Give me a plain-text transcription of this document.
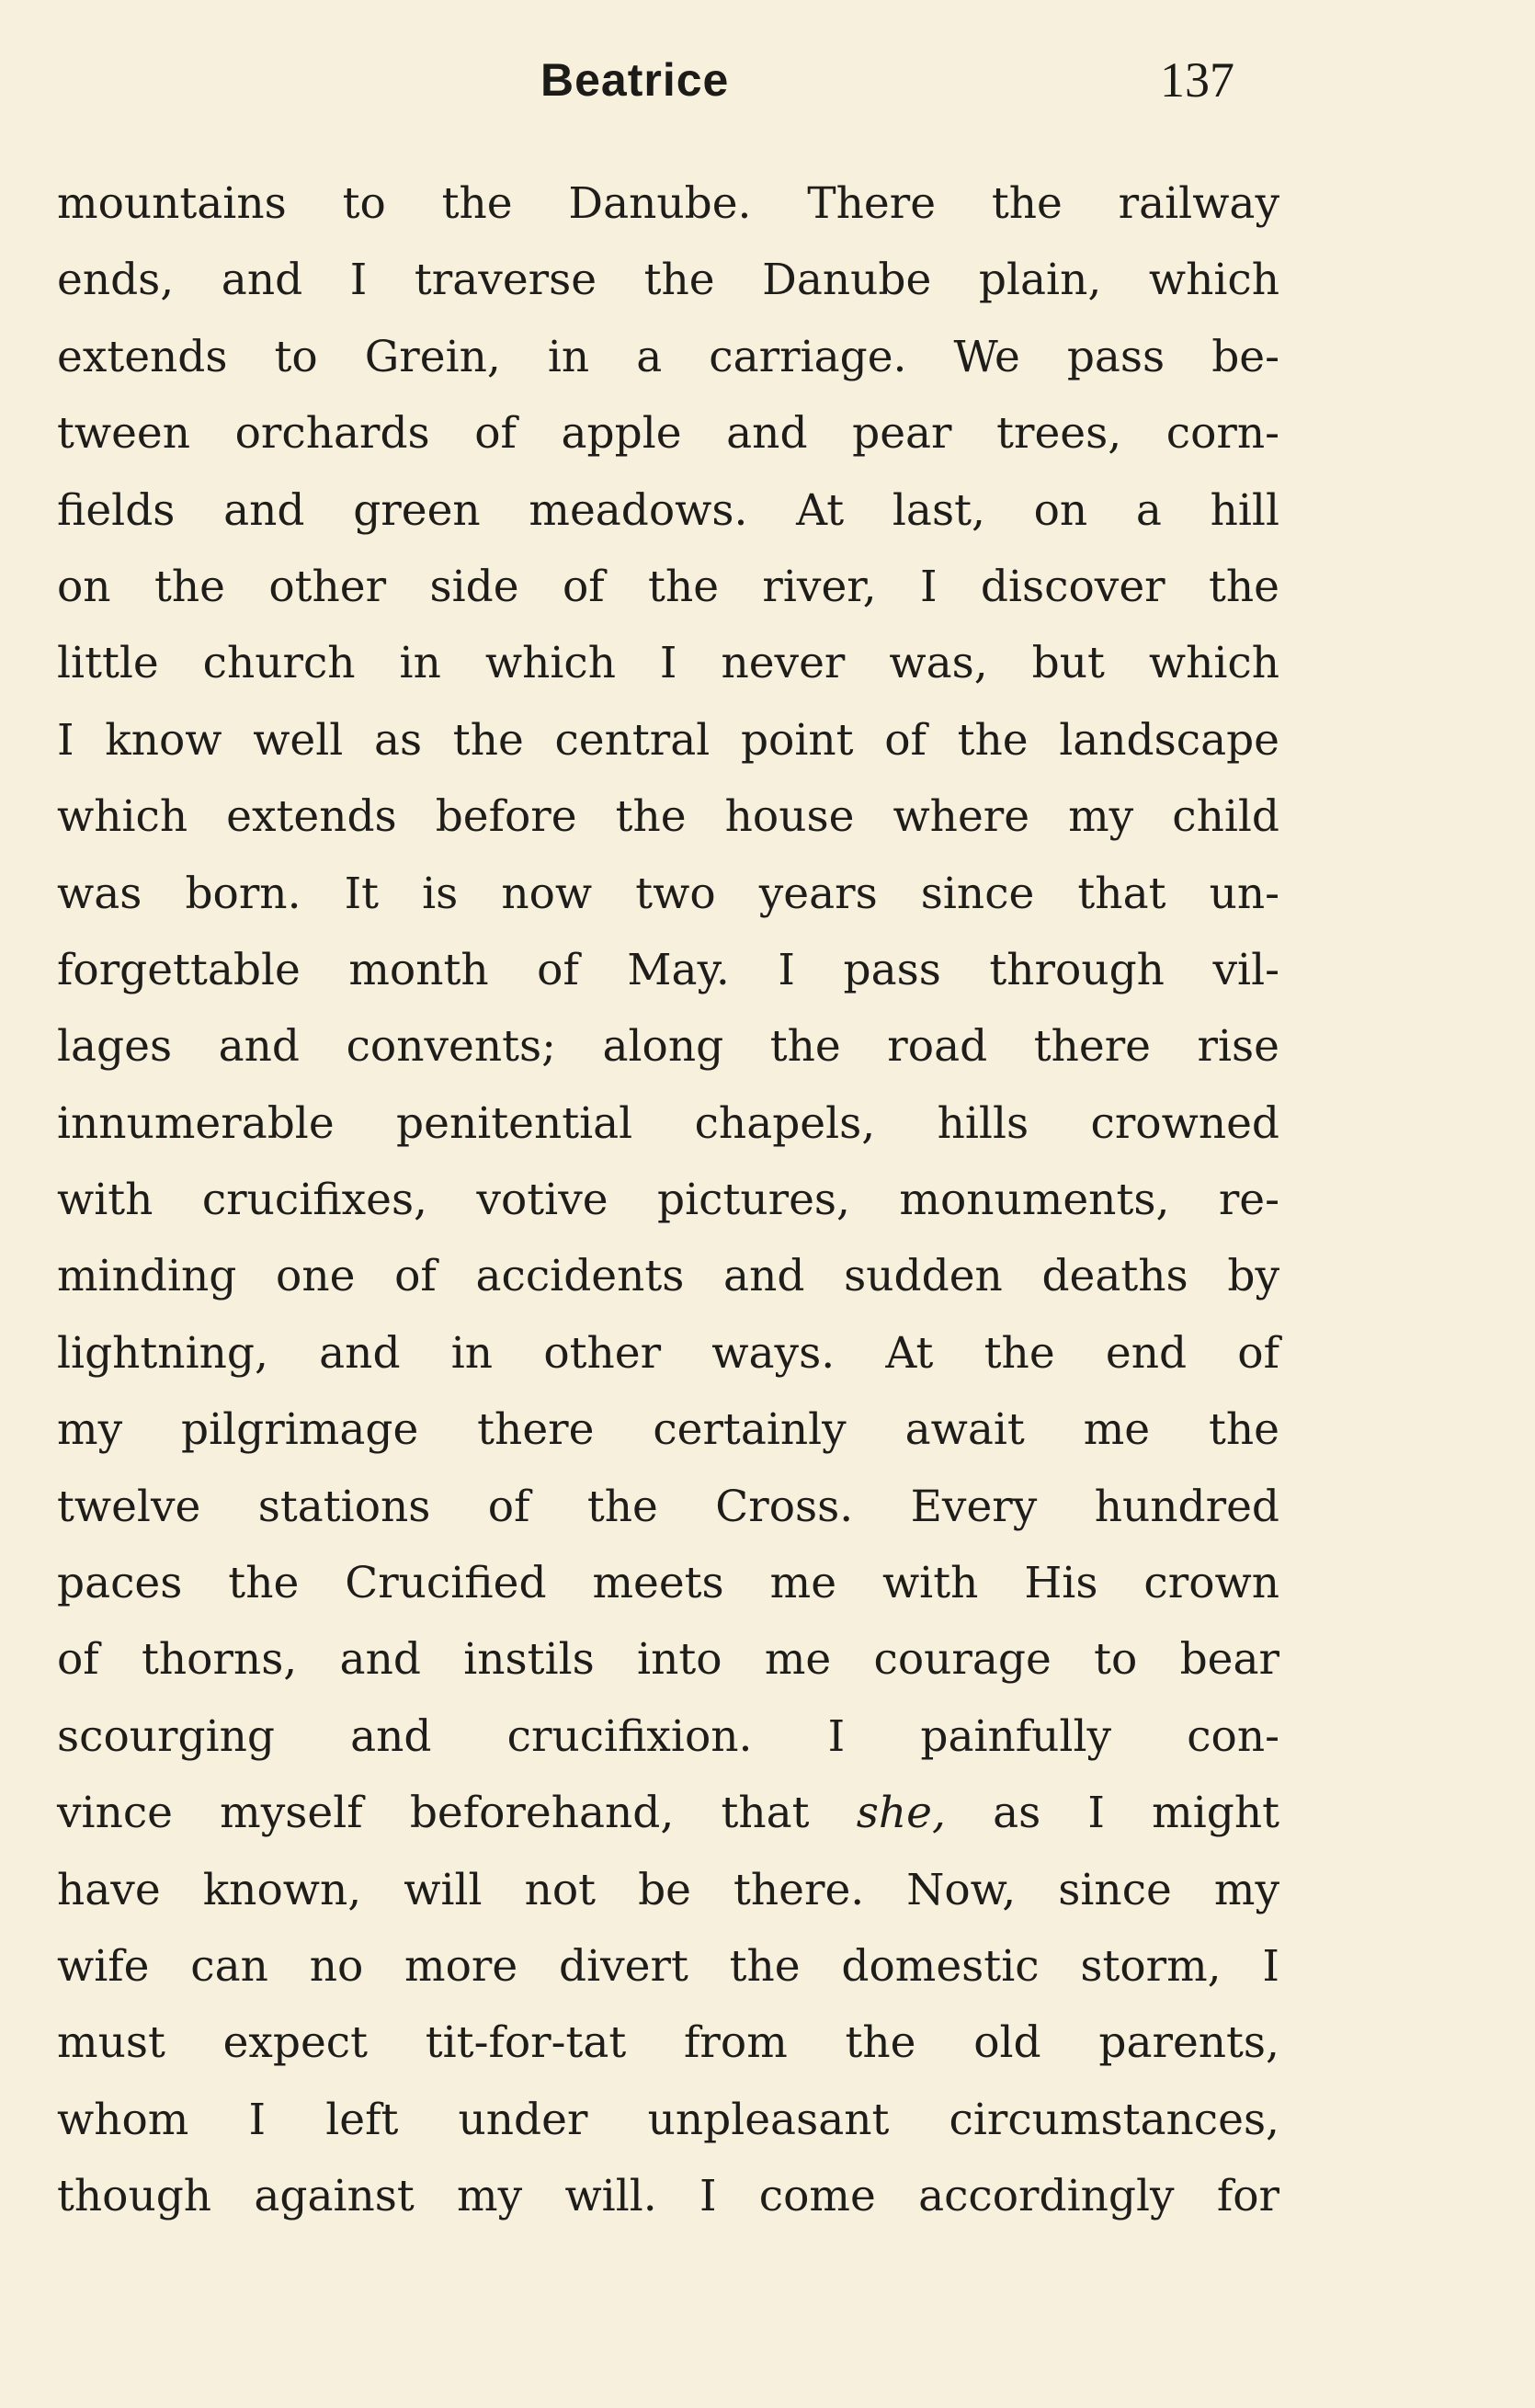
Beatrice	137
mountains to the Danube. There the railway
ends, and I traverse the Danube plain, which
extends to Grein, in a carriage. We pass be-
tween orchards of apple and pear trees, corn-
fields and green meadows. At last, on a hill
on the other side of the river, I discover the
little church in which I never was, but which
I know well as the central point of the landscape
which extends before the house where my child
was born. It is now two years since that un-
forgettable month of May. I pass through vil-
lages and convents; along the road there rise
innumerable penitential chapels, hills crowned
with crucifixes, votive pictures, monuments, re-
minding one of accidents and sudden deaths by
lightning, and in other ways. At the end of
my pilgrimage there certainly await me the
twelve stations of the Cross. Every hundred
paces the Crucified meets me with His crown
of thorns, and instils into me courage to bear
scourging and crucifixion. I painfully con-
vince myself beforehand, that she, as I might
have known, will not be there. Now, since my
wife can no more divert the domestic storm, I
must expect tit-for-tat from the old parents,
whom I left under unpleasant circumstances,
though against my will. I come accordingly for
